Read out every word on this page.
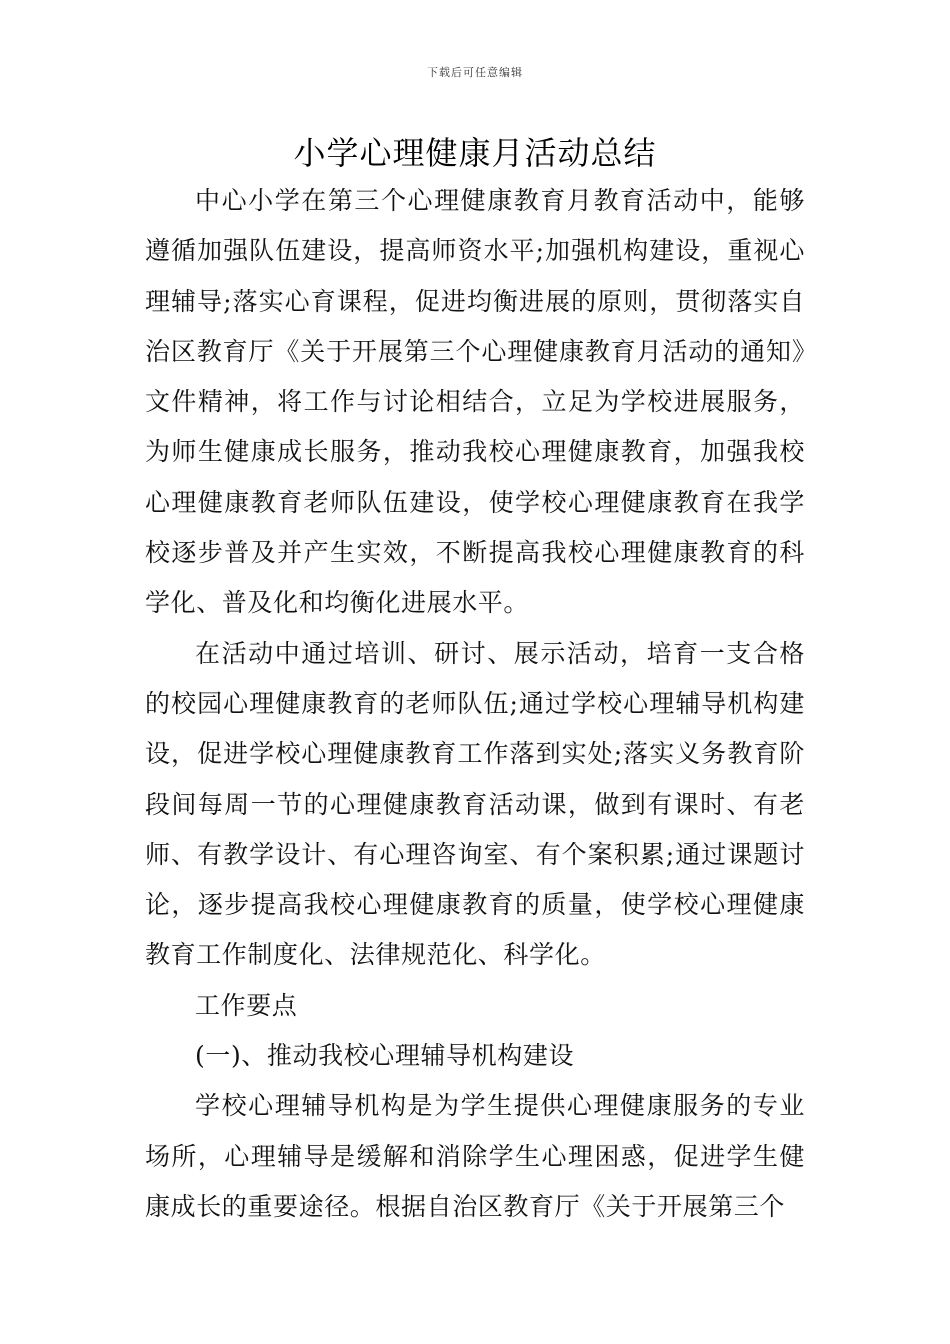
下载后可任意编辑
小学心理健康月活动总结

中心小学在第三个心理健康教育月教育活动中，能够遵循加强队伍建设，提高师资水平;加强机构建设，重视心理辅导;落实心育课程，促进均衡进展的原则，贯彻落实自治区教育厅《关于开展第三个心理健康教育月活动的通知》文件精神，将工作与讨论相结合，立足为学校进展服务，为师生健康成长服务，推动我校心理健康教育，加强我校心理健康教育老师队伍建设，使学校心理健康教育在我学校逐步普及并产生实效，不断提高我校心理健康教育的科学化、普及化和均衡化进展水平。

在活动中通过培训、研讨、展示活动，培育一支合格的校园心理健康教育的老师队伍;通过学校心理辅导机构建设，促进学校心理健康教育工作落到实处;落实义务教育阶段间每周一节的心理健康教育活动课，做到有课时、有老师、有教学设计、有心理咨询室、有个案积累;通过课题讨论，逐步提高我校心理健康教育的质量，使学校心理健康教育工作制度化、法律规范化、科学化。

工作要点

(一)、推动我校心理辅导机构建设

学校心理辅导机构是为学生提供心理健康服务的专业场所，心理辅导是缓解和消除学生心理困惑，促进学生健康成长的重要途径。根据自治区教育厅《关于开展第三个
